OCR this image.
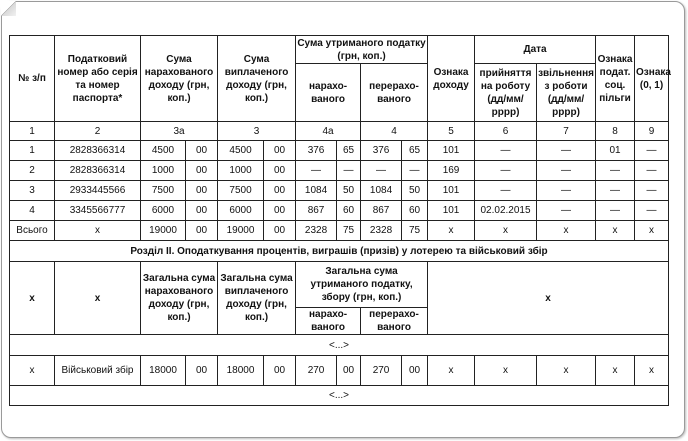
№ з/п	Податковий номер або серія та номер паспорта*	Сума нарахованого доходу (грн, коп.)		Сума виплаченого доходу (грн, коп.)		Сума утриманого податку (грн, коп.)				Ознака доходу	Дата		Ознака подат. соц. пільги	Ознака (0, 1)
						нарахо-ваного		перерахо-ваного			прийняття на роботу (дд/мм/рррр)	звільнення з роботи (дд/мм/рррр)		
1	2	3а		3		4а		4		5	6	7	8	9
1	2828366314	4500	00	4500	00	376	65	376	65	101	—	—	01	—
2	2828366314	1000	00	1000	00	—	—	—	—	169	—	—	—	—
3	2933445566	7500	00	7500	00	1084	50	1084	50	101	—	—	—	—
4	3345566777	6000	00	6000	00	867	60	867	60	101	02.02.2015	—	—	—
Всього	х	19000	00	19000	00	2328	75	2328	75	х	х	х	х	х
Розділ ІІ. Оподаткування процентів, виграшів (призів) у лотерею та військовий збір														
х	х	Загальна сума нарахованого доходу (грн, коп.)		Загальна сума виплаченого доходу (грн, коп.)		Загальна сума утриманого податку, збору (грн, коп.)				х				
						нарахо-ваного		перерахо-ваного						
<...>														
х	Військовий збір	18000	00	18000	00	270	00	270	00	х	х	х	х	х
<...>														
